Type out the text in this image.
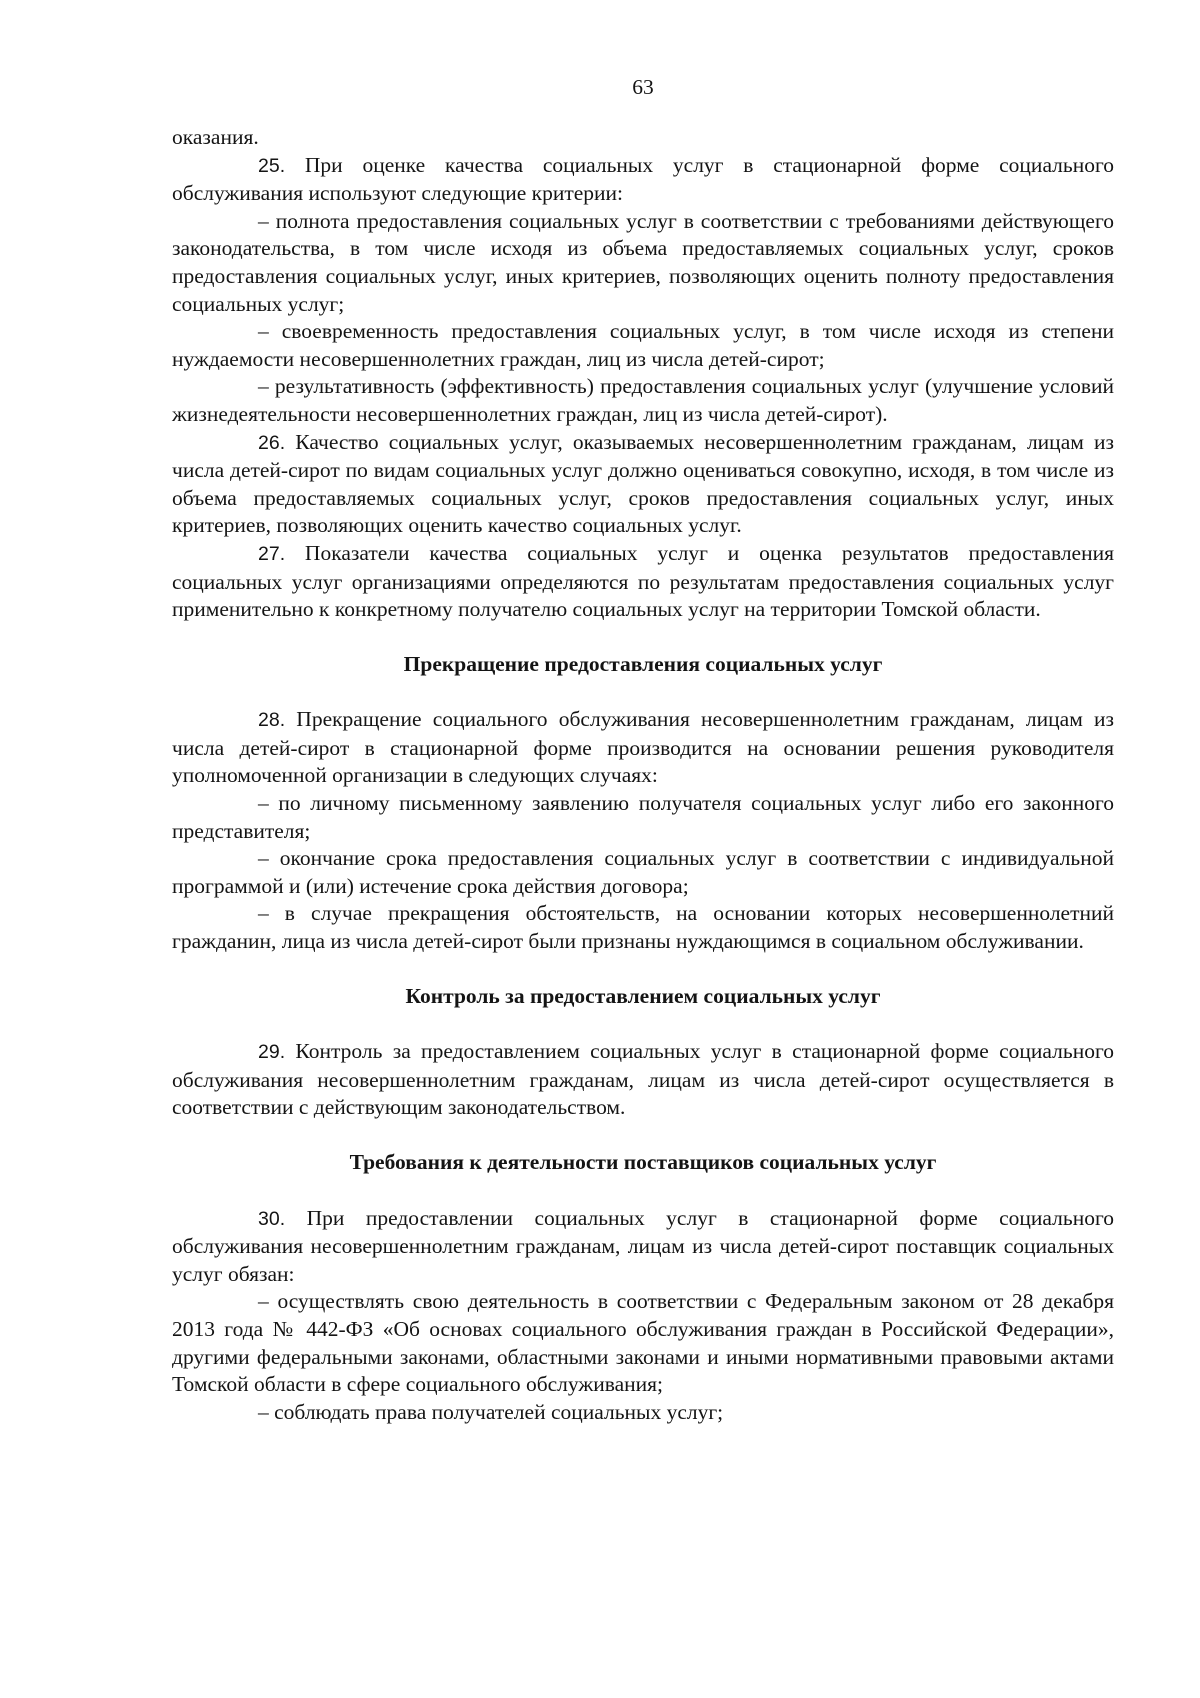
63

оказания.

25. При оценке качества социальных услуг в стационарной форме социального обслуживания используют следующие критерии:

– полнота предоставления социальных услуг в соответствии с требованиями действующего законодательства, в том числе исходя из объема предоставляемых социальных услуг, сроков предоставления социальных услуг, иных критериев, позволяющих оценить полноту предоставления социальных услуг;

– своевременность предоставления социальных услуг, в том числе исходя из степени нуждаемости несовершеннолетних граждан, лиц из числа детей-сирот;

– результативность (эффективность) предоставления социальных услуг (улучшение условий жизнедеятельности несовершеннолетних граждан, лиц из числа детей-сирот).

26. Качество социальных услуг, оказываемых несовершеннолетним гражданам, лицам из числа детей-сирот по видам социальных услуг должно оцениваться совокупно, исходя, в том числе из объема предоставляемых социальных услуг, сроков предоставления социальных услуг, иных критериев, позволяющих оценить качество социальных услуг.

27. Показатели качества социальных услуг и оценка результатов предоставления социальных услуг организациями определяются по результатам предоставления социальных услуг применительно к конкретному получателю социальных услуг на территории Томской области.

Прекращение предоставления социальных услуг

28. Прекращение социального обслуживания несовершеннолетним гражданам, лицам из числа детей-сирот в стационарной форме производится на основании решения руководителя уполномоченной организации в следующих случаях:

– по личному письменному заявлению получателя социальных услуг либо его законного представителя;

– окончание срока предоставления социальных услуг в соответствии с индивидуальной программой и (или) истечение срока действия договора;

– в случае прекращения обстоятельств, на основании которых несовершеннолетний гражданин, лица из числа детей-сирот были признаны нуждающимся в социальном обслуживании.

Контроль за предоставлением социальных услуг

29. Контроль за предоставлением социальных услуг в стационарной форме социального обслуживания несовершеннолетним гражданам, лицам из числа детей-сирот осуществляется в соответствии с действующим законодательством.

Требования к деятельности поставщиков социальных услуг

30. При предоставлении социальных услуг в стационарной форме социального обслуживания несовершеннолетним гражданам, лицам из числа детей-сирот поставщик социальных услуг обязан:

– осуществлять свою деятельность в соответствии с Федеральным законом от 28 декабря 2013 года № 442-ФЗ «Об основах социального обслуживания граждан в Российской Федерации», другими федеральными законами, областными законами и иными нормативными правовыми актами Томской области в сфере социального обслуживания;

– соблюдать права получателей социальных услуг;
